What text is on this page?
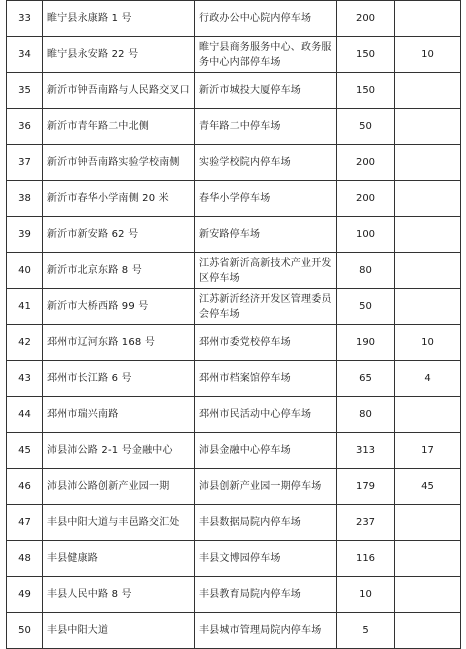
33	睢宁县永康路 1 号	行政办公中心院内停车场	200	
34	睢宁县永安路 22 号	睢宁县商务服务中心、政务服务中心内部停车场	150	10
35	新沂市钟吾南路与人民路交叉口	新沂市城投大厦停车场	150	
36	新沂市青年路二中北侧	青年路二中停车场	50	
37	新沂市钟吾南路实验学校南侧	实验学校院内停车场	200	
38	新沂市春华小学南侧 20 米	春华小学停车场	200	
39	新沂市新安路 62 号	新安路停车场	100	
40	新沂市北京东路 8 号	江苏省新沂高新技术产业开发区停车场	80	
41	新沂市大桥西路 99 号	江苏新沂经济开发区管理委员会停车场	50	
42	邳州市辽河东路 168 号	邳州市委党校停车场	190	10
43	邳州市长江路 6 号	邳州市档案馆停车场	65	4
44	邳州市瑞兴南路	邳州市民活动中心停车场	80	
45	沛县沛公路 2-1 号金融中心	沛县金融中心停车场	313	17
46	沛县沛公路创新产业园一期	沛县创新产业园一期停车场	179	45
47	丰县中阳大道与丰邑路交汇处	丰县数据局院内停车场	237	
48	丰县健康路	丰县文博园停车场	116	
49	丰县人民中路 8 号	丰县教育局院内停车场	10	
50	丰县中阳大道	丰县城市管理局院内停车场	5	
